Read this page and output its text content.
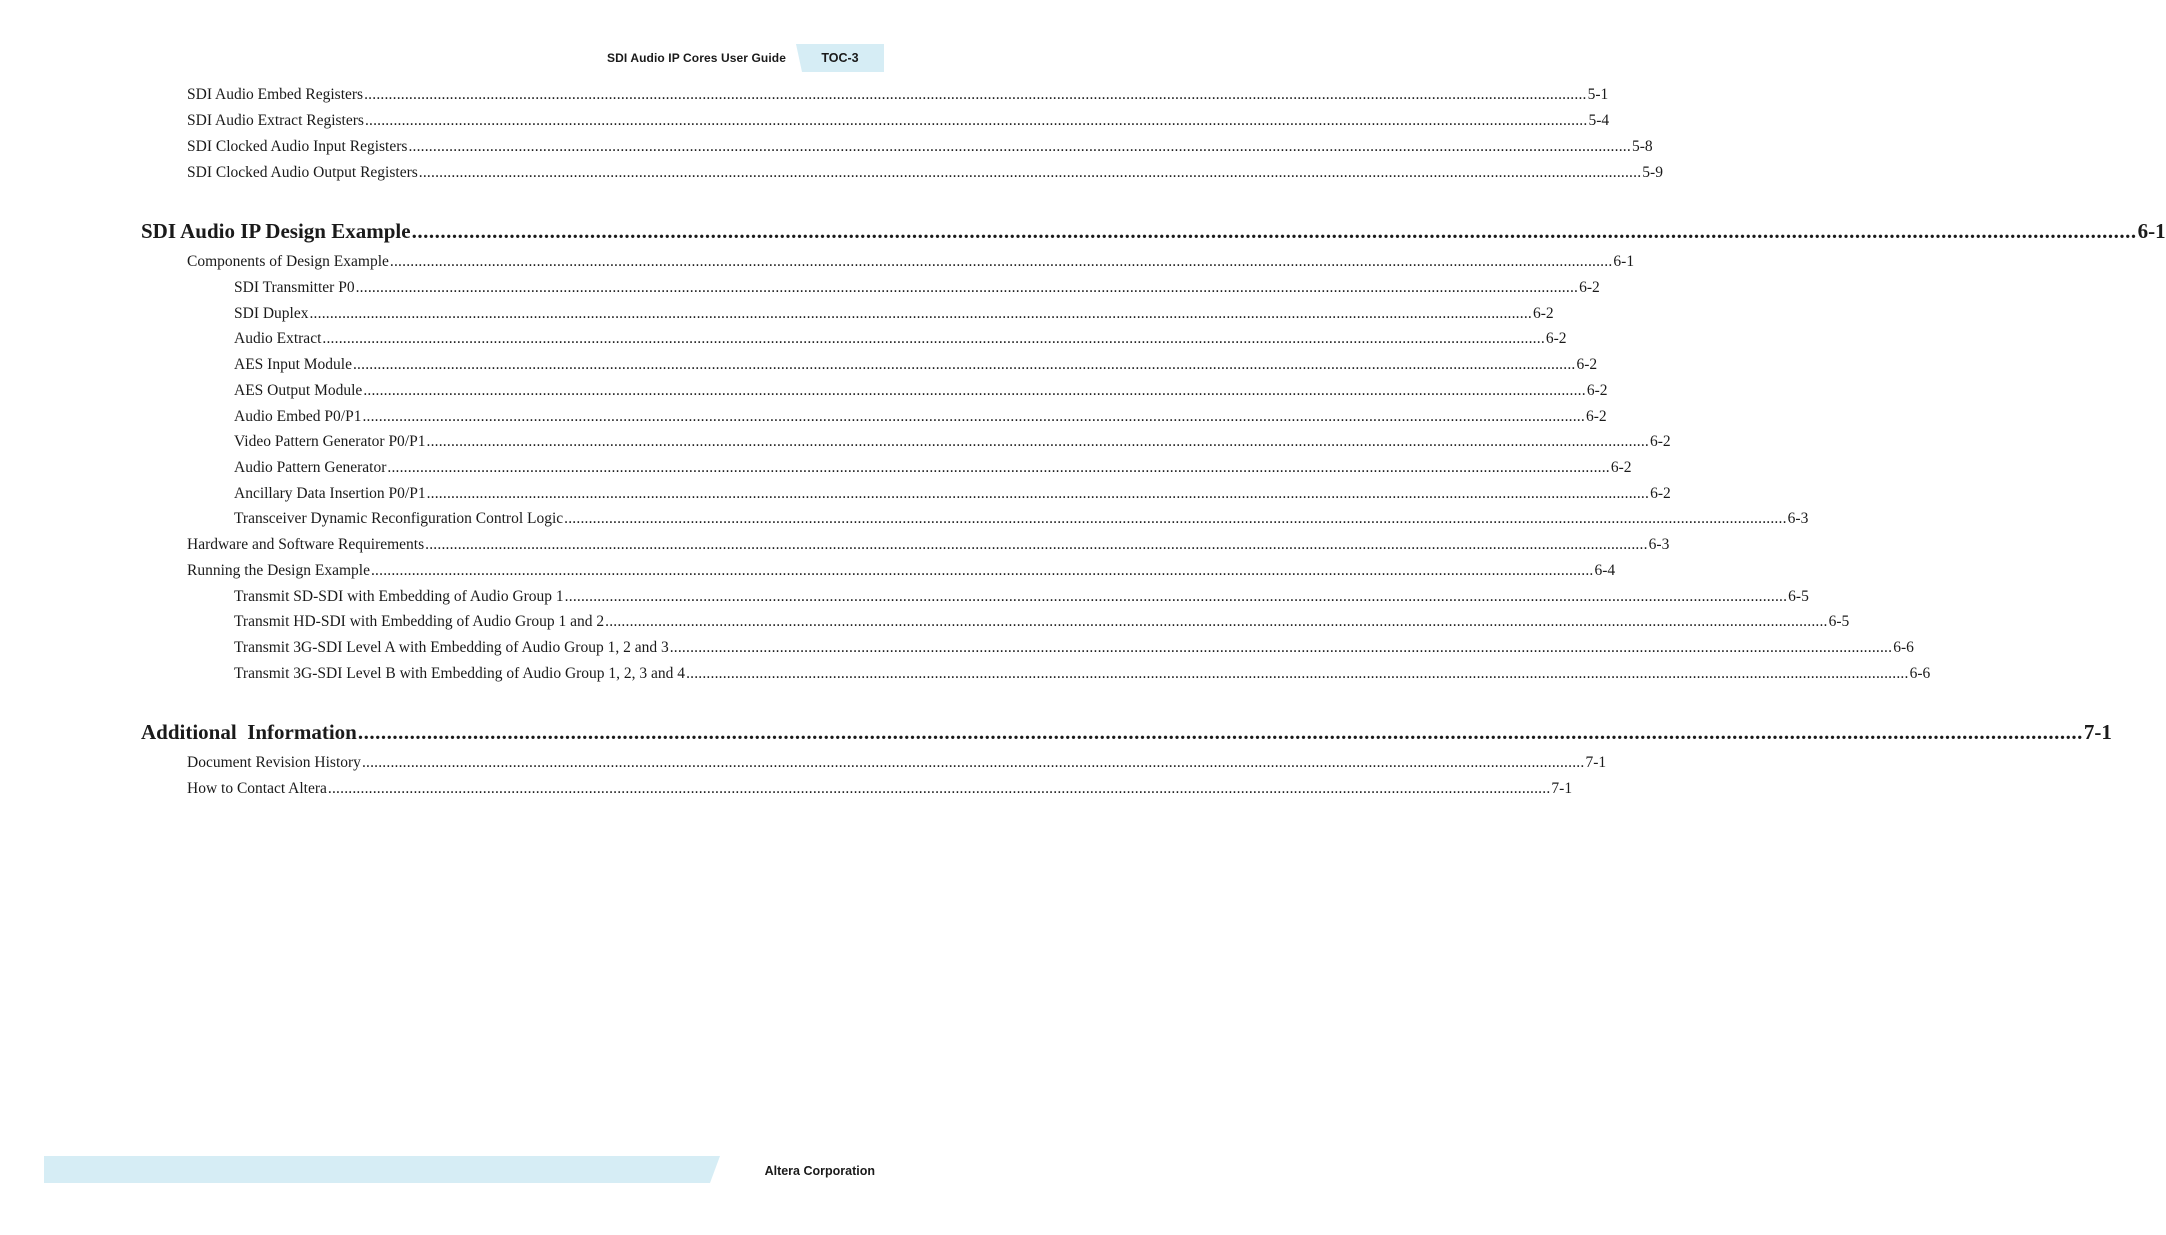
SDI Audio IP Cores User Guide	TOC-3
SDI Audio Embed Registers ............................................................................................................................................................................................................................................................................................................ 5-1
SDI Audio Extract Registers ............................................................................................................................................................................................................................................................................................................ 5-4
SDI Clocked Audio Input Registers ............................................................................................................................................................................................................................................................................................................ 5-8
SDI Clocked Audio Output Registers ............................................................................................................................................................................................................................................................................................................ 5-9
SDI Audio IP Design Example ............................................................................................................................................................................................................................................................................................................ 6-1
Components of Design Example ............................................................................................................................................................................................................................................................................................................ 6-1
SDI Transmitter P0 ............................................................................................................................................................................................................................................................................................................ 6-2
SDI Duplex ............................................................................................................................................................................................................................................................................................................ 6-2
Audio Extract ............................................................................................................................................................................................................................................................................................................ 6-2
AES Input Module ............................................................................................................................................................................................................................................................................................................ 6-2
AES Output Module ............................................................................................................................................................................................................................................................................................................ 6-2
Audio Embed P0/P1 ............................................................................................................................................................................................................................................................................................................ 6-2
Video Pattern Generator P0/P1 ............................................................................................................................................................................................................................................................................................................ 6-2
Audio Pattern Generator ............................................................................................................................................................................................................................................................................................................ 6-2
Ancillary Data Insertion P0/P1 ............................................................................................................................................................................................................................................................................................................ 6-2
Transceiver Dynamic Reconfiguration Control Logic ............................................................................................................................................................................................................................................................................................................ 6-3
Hardware and Software Requirements ............................................................................................................................................................................................................................................................................................................ 6-3
Running the Design Example ............................................................................................................................................................................................................................................................................................................ 6-4
Transmit SD-SDI with Embedding of Audio Group 1 ............................................................................................................................................................................................................................................................................................................ 6-5
Transmit HD-SDI with Embedding of Audio Group 1 and 2 ............................................................................................................................................................................................................................................................................................................ 6-5
Transmit 3G-SDI Level A with Embedding of Audio Group 1, 2 and 3 ............................................................................................................................................................................................................................................................................................................ 6-6
Transmit 3G-SDI Level B with Embedding of Audio Group 1, 2, 3 and 4 ............................................................................................................................................................................................................................................................................................................ 6-6
Additional  Information ............................................................................................................................................................................................................................................................................................................ 7-1
Document Revision History ............................................................................................................................................................................................................................................................................................................ 7-1
How to Contact Altera ............................................................................................................................................................................................................................................................................................................ 7-1
Altera Corporation
